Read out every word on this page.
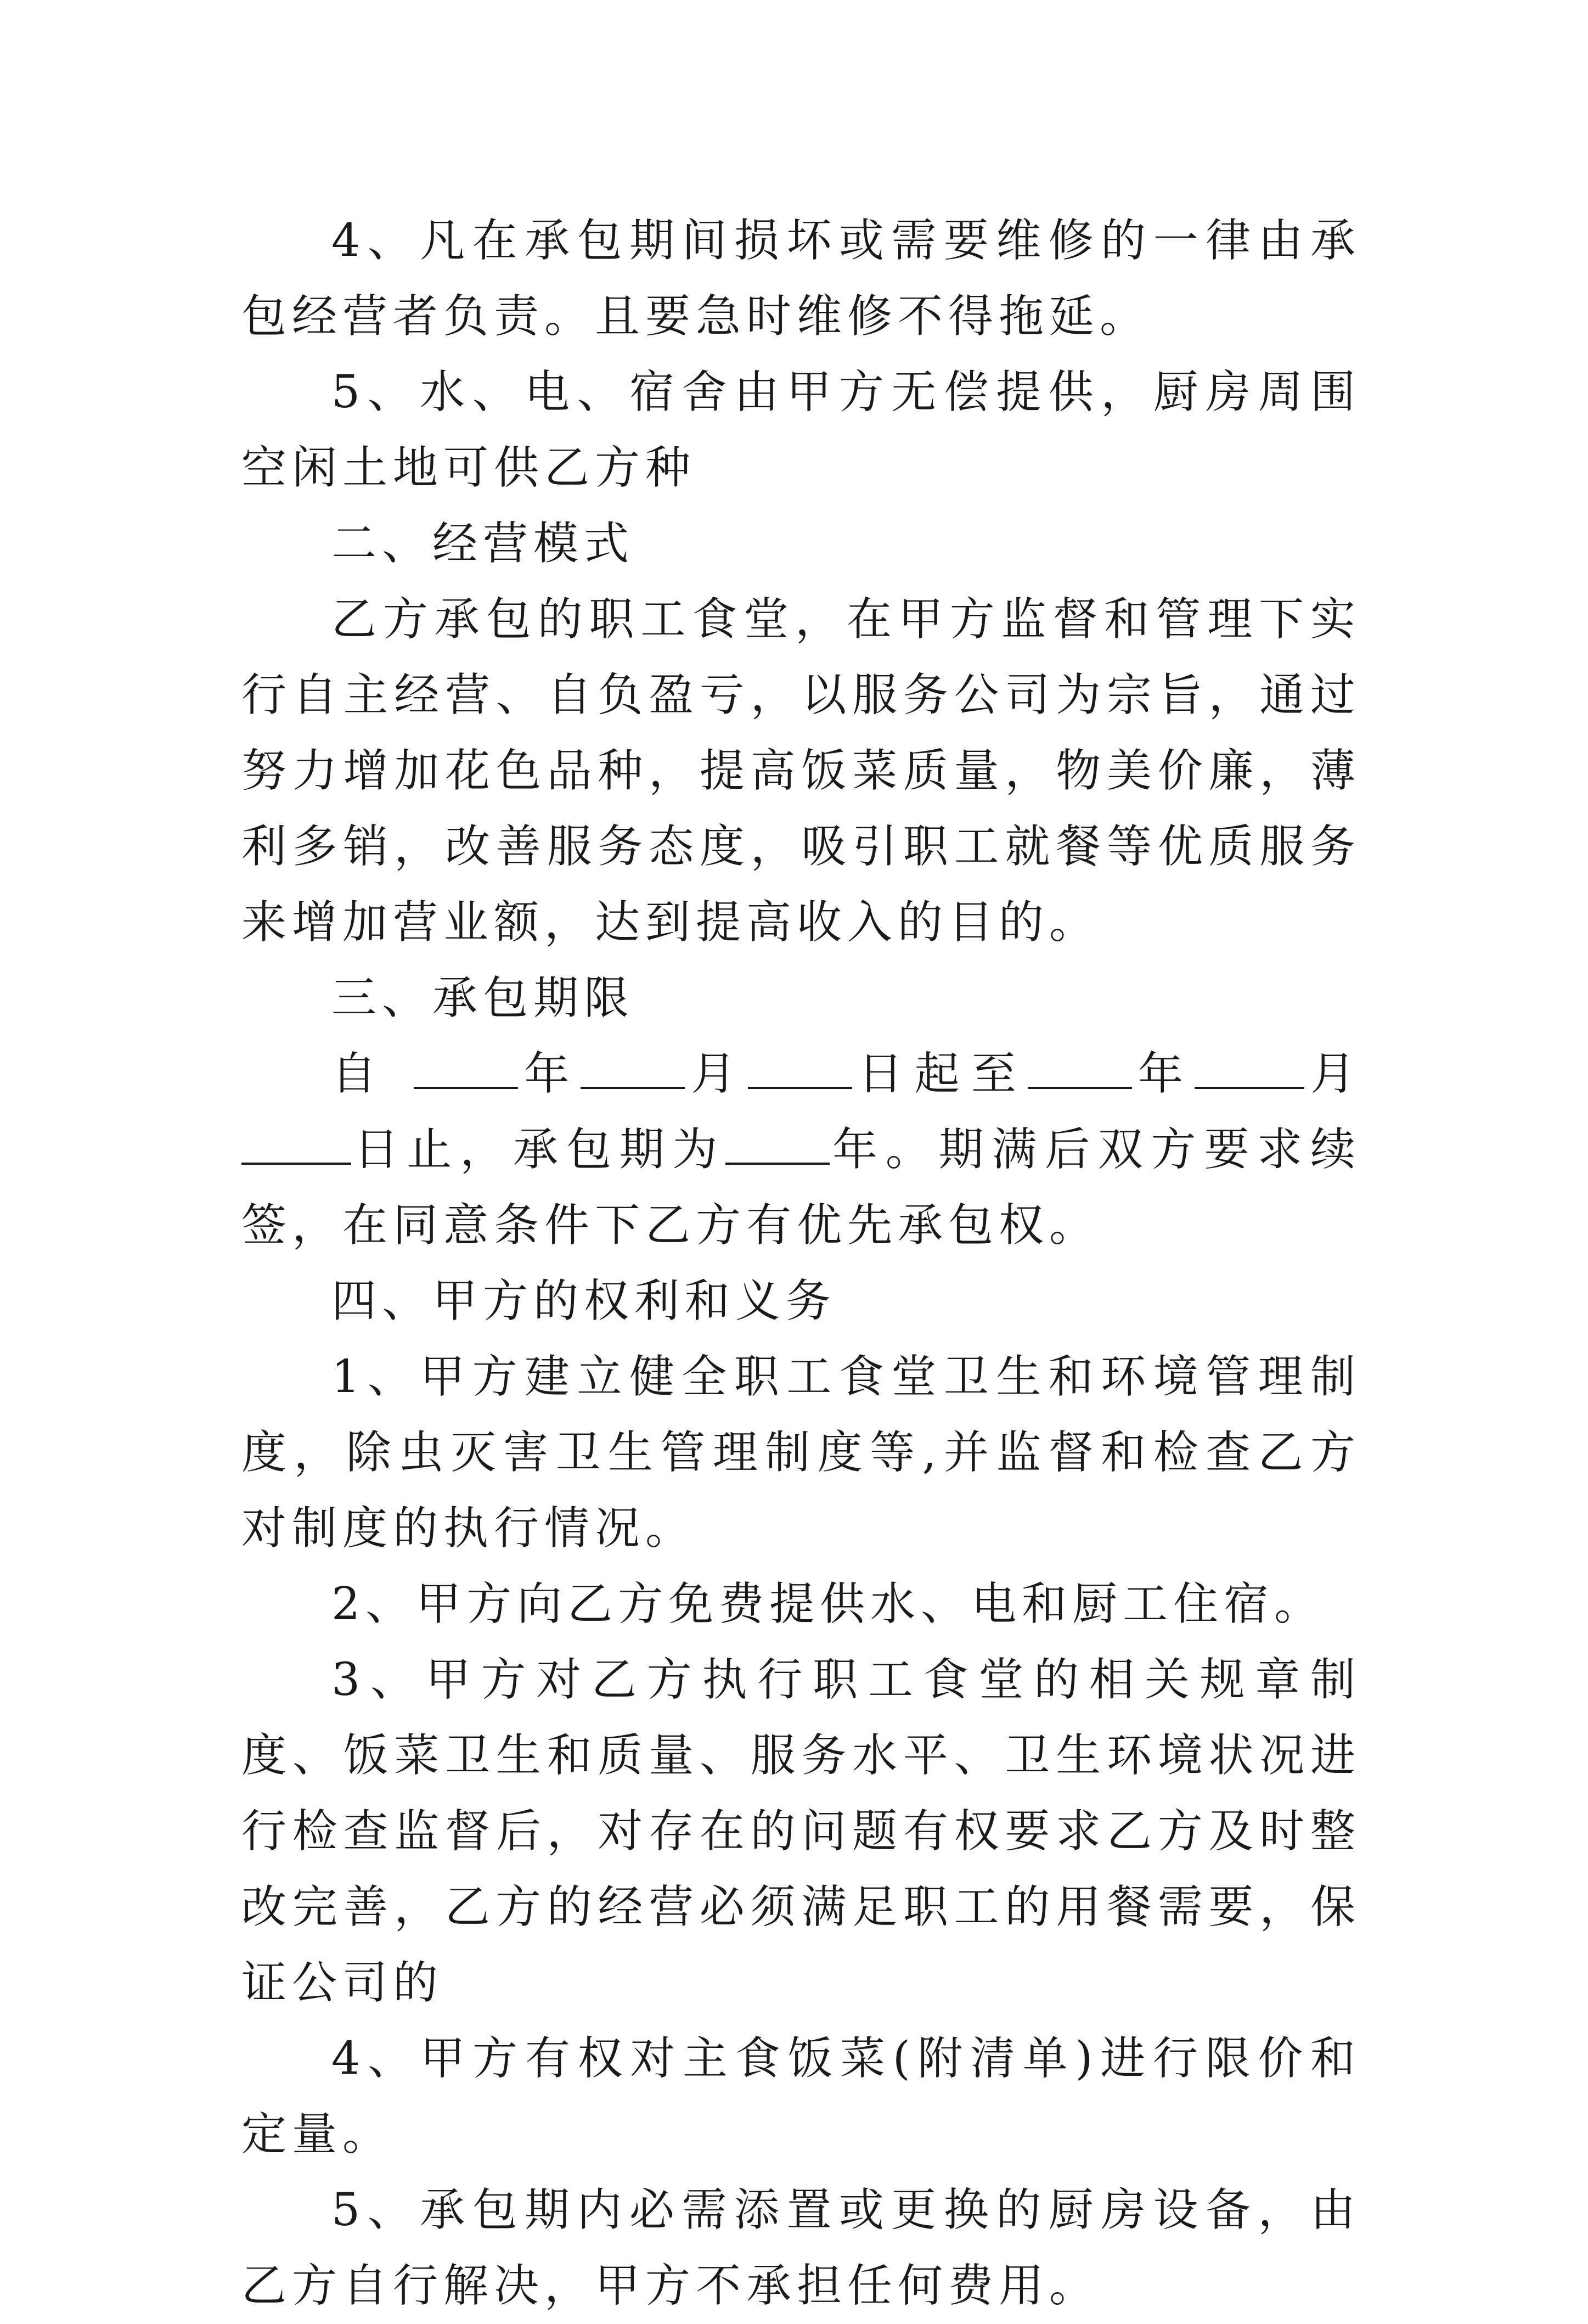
4、凡在承包期间损坏或需要维修的一律由承包经营者负责。且要急时维修不得拖延。

5、水、电、宿舍由甲方无偿提供，厨房周围空闲土地可供乙方种

二、经营模式

乙方承包的职工食堂，在甲方监督和管理下实行自主经营、自负盈亏，以服务公司为宗旨，通过努力增加花色品种，提高饭菜质量，物美价廉，薄利多销，改善服务态度，吸引职工就餐等优质服务来增加营业额，达到提高收入的目的。

三、承包期限

自	年 月 日起至 年 月日止，承包期为 年。期满后双方要求续签，在同意条件下乙方有优先承包权。

四、甲方的权利和义务

1、甲方建立健全职工食堂卫生和环境管理制度，除虫灭害卫生管理制度等,并监督和检查乙方对制度的执行情况。

2、甲方向乙方免费提供水、电和厨工住宿。

3、甲方对乙方执行职工食堂的相关规章制度、饭菜卫生和质量、服务水平、卫生环境状况进行检查监督后，对存在的问题有权要求乙方及时整改完善，乙方的经营必须满足职工的用餐需要，保证公司的

4、甲方有权对主食饭菜(附清单)进行限价和定量。

5、承包期内必需添置或更换的厨房设备，由乙方自行解决，甲方不承担任何费用。
